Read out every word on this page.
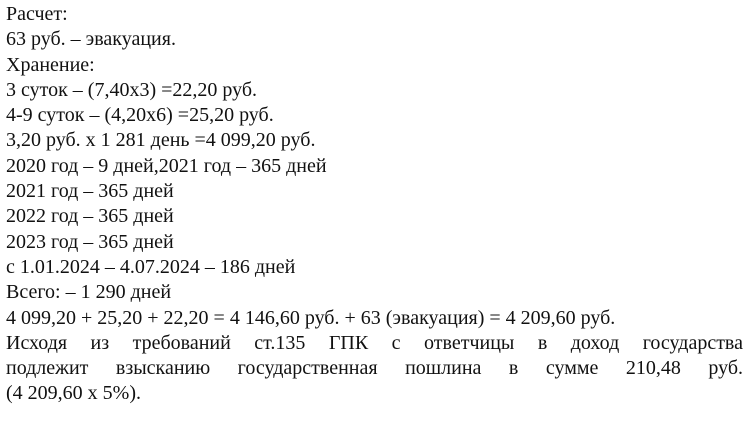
Расчет:
63 руб. – эвакуация.
Хранение:
3 суток – (7,40х3) =22,20 руб.
4-9 суток – (4,20х6) =25,20 руб.
3,20 руб. х 1 281 день =4 099,20 руб.
2020 год – 9 дней,2021 год – 365 дней
2021 год – 365 дней
2022 год – 365 дней
2023 год – 365 дней
с 1.01.2024 – 4.07.2024 – 186 дней
Всего: – 1 290 дней
4 099,20 + 25,20 + 22,20 = 4 146,60 руб. + 63 (эвакуация) = 4 209,60 руб.
Исходя из требований ст.135 ГПК с ответчицы в доход государства
подлежит взысканию государственная пошлина в сумме 210,48 руб.
(4 209,60 х 5%).
